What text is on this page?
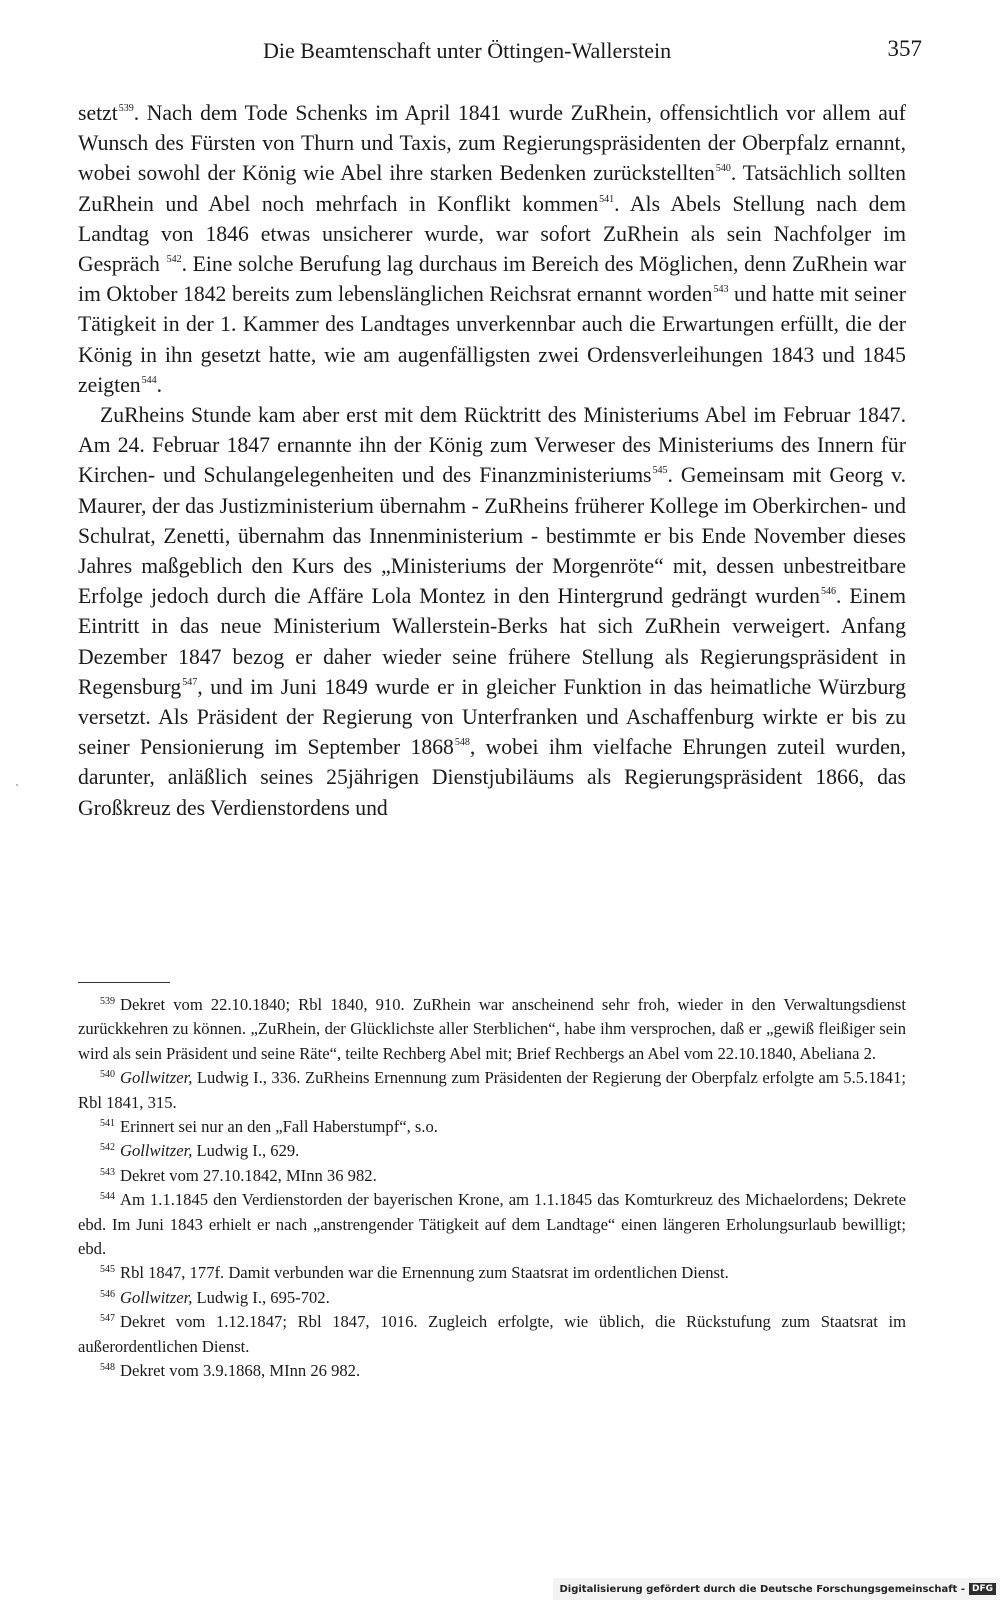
Die Beamtenschaft unter Öttingen-Wallerstein	357

setzt$^{539}$. Nach dem Tode Schenks im April 1841 wurde ZuRhein, offensichtlich vor allem auf Wunsch des Fürsten von Thurn und Taxis, zum Regierungspräsidenten der Oberpfalz ernannt, wobei sowohl der König wie Abel ihre starken Bedenken zurückstellten$^{540}$. Tatsächlich sollten ZuRhein und Abel noch mehrfach in Konflikt kommen$^{541}$. Als Abels Stellung nach dem Landtag von 1846 etwas unsicherer wurde, war sofort ZuRhein als sein Nachfolger im Gespräch $^{542}$. Eine solche Berufung lag durchaus im Bereich des Möglichen, denn ZuRhein war im Oktober 1842 bereits zum lebenslänglichen Reichsrat ernannt worden$^{543}$ und hatte mit seiner Tätigkeit in der 1. Kammer des Landtages unverkennbar auch die Erwartungen erfüllt, die der König in ihn gesetzt hatte, wie am augenfälligsten zwei Ordensverleihungen 1843 und 1845 zeigten$^{544}$.

ZuRheins Stunde kam aber erst mit dem Rücktritt des Ministeriums Abel im Februar 1847. Am 24. Februar 1847 ernannte ihn der König zum Verweser des Ministeriums des Innern für Kirchen- und Schulangelegenheiten und des Finanzministeriums$^{545}$. Gemeinsam mit Georg v. Maurer, der das Justizministerium übernahm - ZuRheins früherer Kollege im Oberkirchen- und Schulrat, Zenetti, übernahm das Innenministerium - bestimmte er bis Ende November dieses Jahres maßgeblich den Kurs des „Ministeriums der Morgenröte“ mit, dessen unbestreitbare Erfolge jedoch durch die Affäre Lola Montez in den Hintergrund gedrängt wurden$^{546}$. Einem Eintritt in das neue Ministerium Wallerstein-Berks hat sich ZuRhein verweigert. Anfang Dezember 1847 bezog er daher wieder seine frühere Stellung als Regierungspräsident in Regensburg$^{547}$, und im Juni 1849 wurde er in gleicher Funktion in das heimatliche Würzburg versetzt. Als Präsident der Regierung von Unterfranken und Aschaffenburg wirkte er bis zu seiner Pensionierung im September 1868$^{548}$, wobei ihm vielfache Ehrungen zuteil wurden, darunter, anläßlich seines 25jährigen Dienstjubiläums als Regierungspräsident 1866, das Großkreuz des Verdienstordens und

$^{539}$ Dekret vom 22.10.1840; Rbl 1840, 910. ZuRhein war anscheinend sehr froh, wieder in den Verwaltungsdienst zurückkehren zu können. „ZuRhein, der Glücklichste aller Sterblichen“, habe ihm versprochen, daß er „gewiß fleißiger sein wird als sein Präsident und seine Räte“, teilte Rechberg Abel mit; Brief Rechbergs an Abel vom 22.10.1840, Abeliana 2.

$^{540}$ Gollwitzer, Ludwig I., 336. ZuRheins Ernennung zum Präsidenten der Regierung der Oberpfalz erfolgte am 5.5.1841; Rbl 1841, 315.

$^{541}$ Erinnert sei nur an den „Fall Haberstumpf“, s.o.

$^{542}$ Gollwitzer, Ludwig I., 629.

$^{543}$ Dekret vom 27.10.1842, MInn 36 982.

$^{544}$ Am 1.1.1845 den Verdienstorden der bayerischen Krone, am 1.1.1845 das Komturkreuz des Michaelordens; Dekrete ebd. Im Juni 1843 erhielt er nach „anstrengender Tätigkeit auf dem Landtage“ einen längeren Erholungsurlaub bewilligt; ebd.

$^{545}$ Rbl 1847, 177f. Damit verbunden war die Ernennung zum Staatsrat im ordentlichen Dienst.

$^{546}$ Gollwitzer, Ludwig I., 695-702.

$^{547}$ Dekret vom 1.12.1847; Rbl 1847, 1016. Zugleich erfolgte, wie üblich, die Rückstufung zum Staatsrat im außerordentlichen Dienst.

$^{548}$ Dekret vom 3.9.1868, MInn 26 982.

Digitalisierung gefördert durch die Deutsche Forschungsgemeinschaft - DFG
